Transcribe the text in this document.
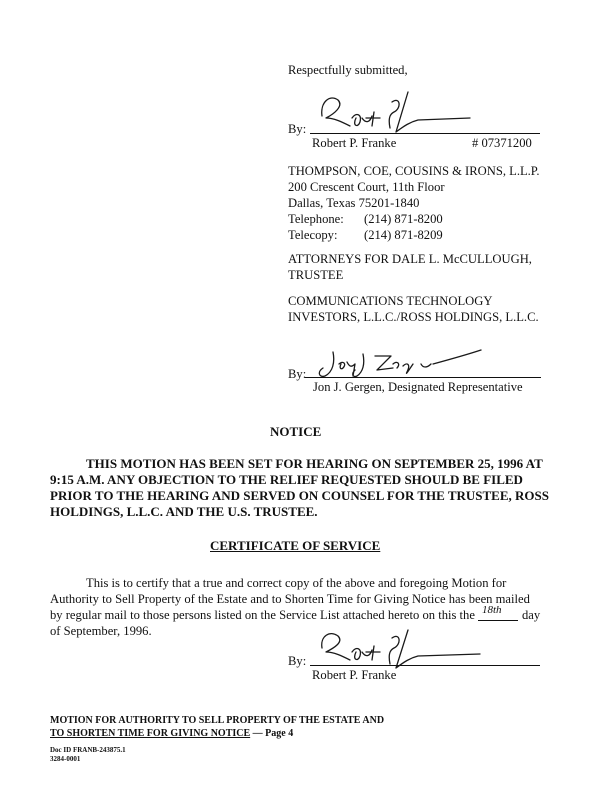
Respectfully submitted,
By:
Robert P. Franke	# 07371200
THOMPSON, COE, COUSINS & IRONS, L.L.P.
200 Crescent Court, 11th Floor
Dallas, Texas 75201-1840
Telephone: (214) 871-8200
Telecopy: (214) 871-8209
ATTORNEYS FOR DALE L. McCULLOUGH,
TRUSTEE
COMMUNICATIONS TECHNOLOGY
INVESTORS, L.L.C./ROSS HOLDINGS, L.L.C.
By:
Jon J. Gergen, Designated Representative
NOTICE
THIS MOTION HAS BEEN SET FOR HEARING ON SEPTEMBER 25, 1996 AT
9:15 A.M. ANY OBJECTION TO THE RELIEF REQUESTED SHOULD BE FILED
PRIOR TO THE HEARING AND SERVED ON COUNSEL FOR THE TRUSTEE, ROSS
HOLDINGS, L.L.C. AND THE U.S. TRUSTEE.
CERTIFICATE OF SERVICE
This is to certify that a true and correct copy of the above and foregoing Motion for
Authority to Sell Property of the Estate and to Shorten Time for Giving Notice has been mailed
by regular mail to those persons listed on the Service List attached hereto on this the 18th day
of September, 1996.
By:
Robert P. Franke
MOTION FOR AUTHORITY TO SELL PROPERTY OF THE ESTATE AND
TO SHORTEN TIME FOR GIVING NOTICE — Page 4
Doc ID FRANB-243875.1
3284-0001
